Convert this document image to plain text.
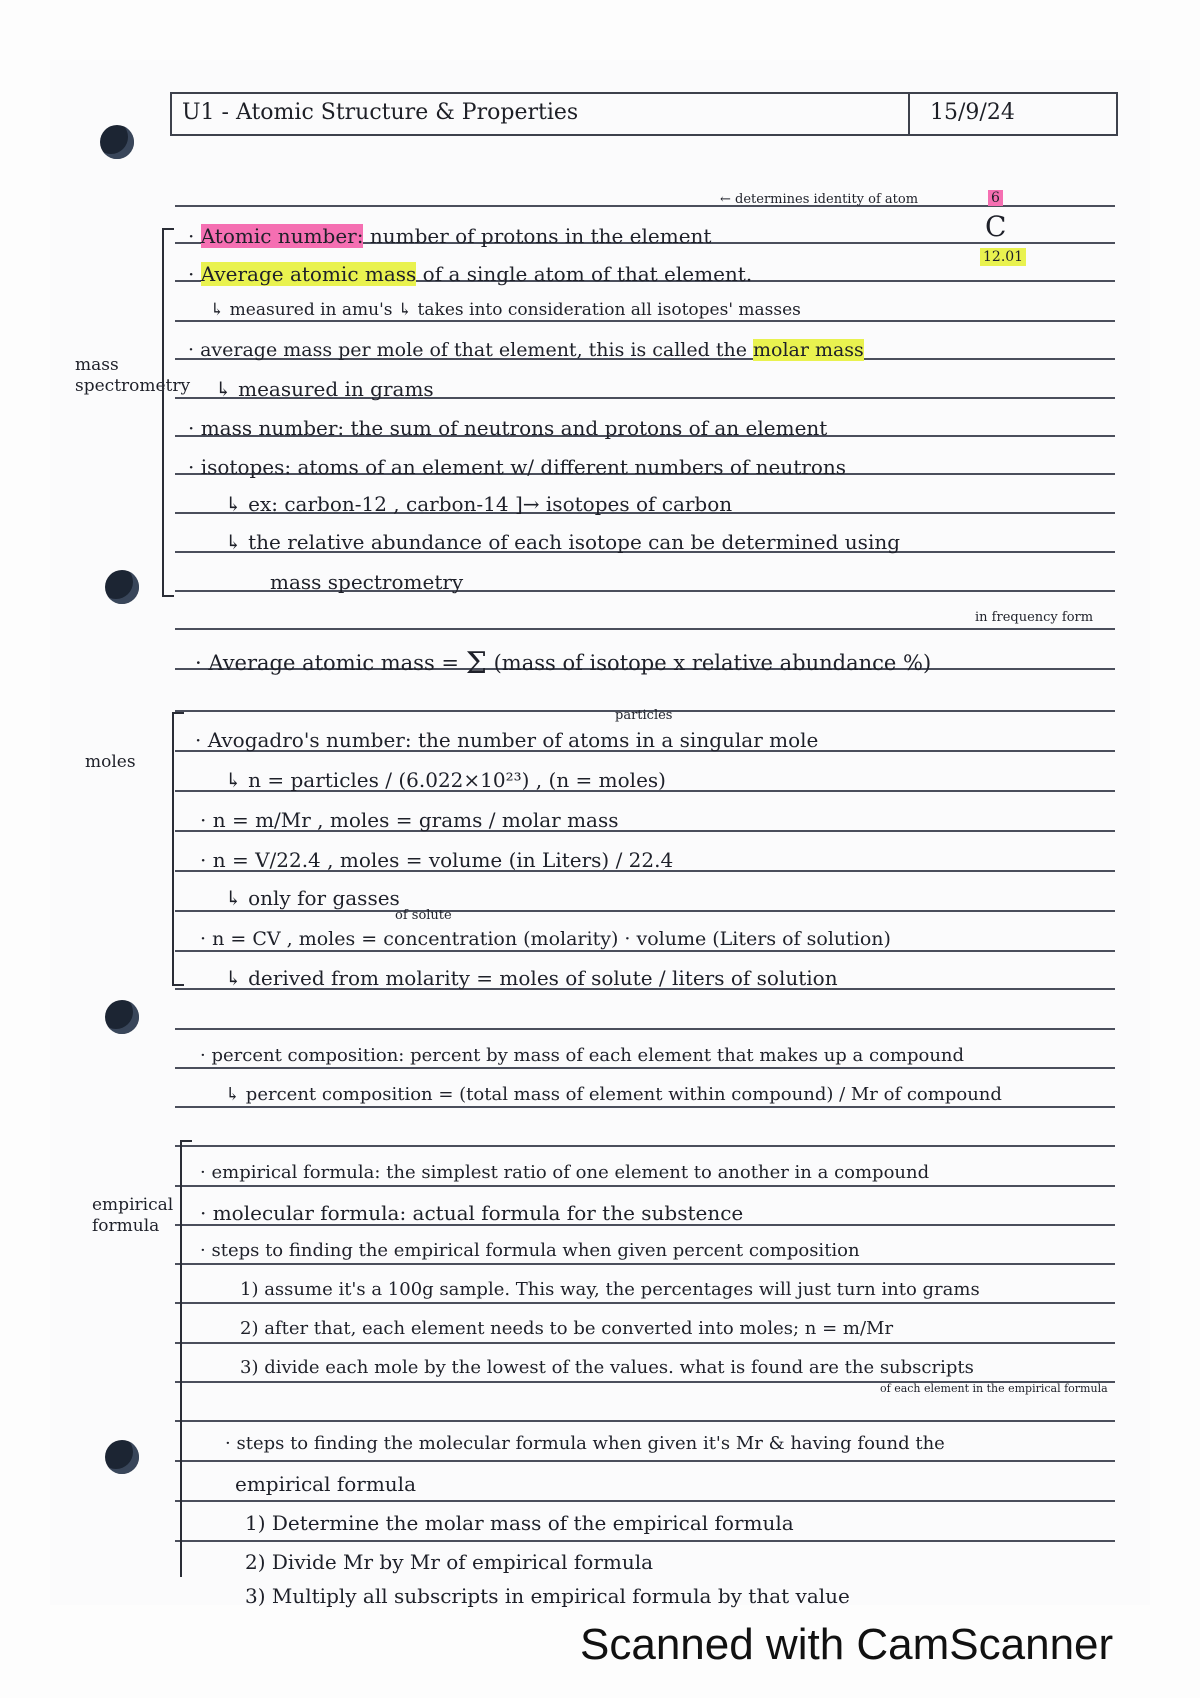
U1 - Atomic Structure & Properties	15/9/24
6
C
12.01
mass
spectrometry
moles
empirical
formula
← determines identity of atom
· Atomic number: number of protons in the element
· Average atomic mass of a single atom of that element.
↳ measured in amu's ↳ takes into consideration all isotopes' masses
· average mass per mole of that element, this is called the molar mass
↳ measured in grams
· mass number: the sum of neutrons and protons of an element
· isotopes: atoms of an element w/ different numbers of neutrons
↳ ex: carbon-12 , carbon-14 ]→ isotopes of carbon
↳ the relative abundance of each isotope can be determined using
mass spectrometry
in frequency form
· Average atomic mass = Σ (mass of isotope x relative abundance %)
particles
· Avogadro's number: the number of atoms in a singular mole
↳ n = particles / (6.022×10²³) , (n = moles)
· n = m/Mr , moles = grams / molar mass
· n = V/22.4 , moles = volume (in Liters) / 22.4
↳ only for gasses
of solute
· n = CV , moles = concentration (molarity) · volume (Liters of solution)
↳ derived from molarity = moles of solute / liters of solution
· percent composition: percent by mass of each element that makes up a compound
↳ percent composition = (total mass of element within compound) / Mr of compound
· empirical formula: the simplest ratio of one element to another in a compound
· molecular formula: actual formula for the substence
· steps to finding the empirical formula when given percent composition
1) assume it's a 100g sample. This way, the percentages will just turn into grams
2) after that, each element needs to be converted into moles; n = m/Mr
3) divide each mole by the lowest of the values. what is found are the subscripts
of each element in the empirical formula
· steps to finding the molecular formula when given it's Mr & having found the
empirical formula
1) Determine the molar mass of the empirical formula
2) Divide Mr by Mr of empirical formula
3) Multiply all subscripts in empirical formula by that value
Scanned with CamScanner
